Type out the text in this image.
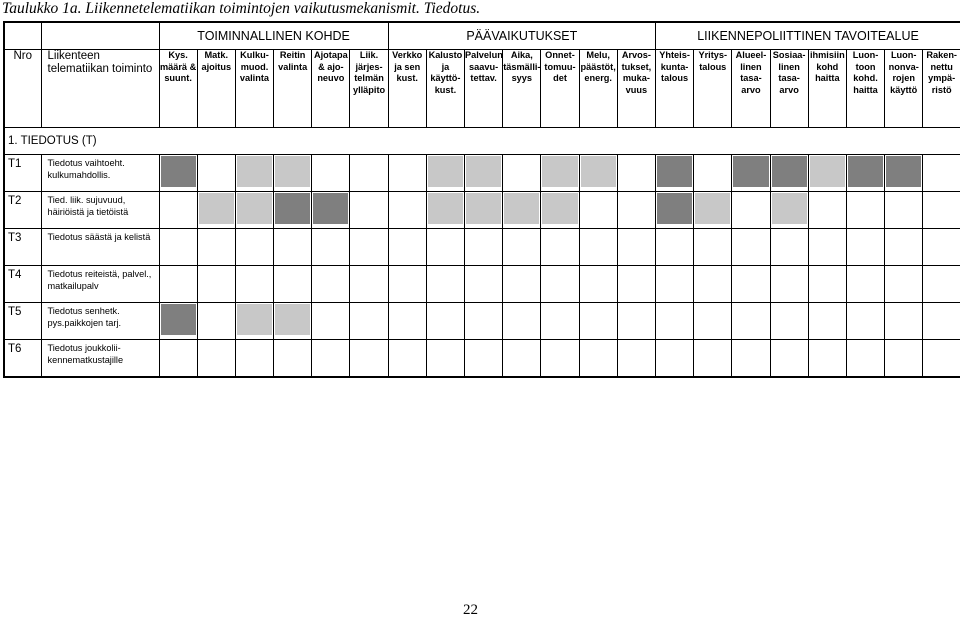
Taulukko 1a. Liikennetelematiikan toimintojen vaikutusmekanismit. Tiedotus.
		TOIMINNALLINEN KOHDE						PÄÄVAIKUTUKSET							LIIKENNEPOLIITTINEN TAVOITEALUE							
Nro	Liikenteen telematiikan toiminto	Kys. määrä & suunt.	Matk. ajoitus	Kulku-muod. valinta	Reitin valinta	Ajotapa & ajo-neuvo	Liik. järjes-telmän ylläpito	Verkko ja sen kust.	Kalusto ja käyttö-kust.	Palvelun saavu-tettav.	Aika, täsmälli-syys	Onnet-tomuu-det	Melu, päästöt, energ.	Arvos-tukset, muka-vuus	Yhteis-kunta-talous	Yritys-talous	Alueel-linen tasa-arvo	Sosiaa-linen tasa-arvo	ihmisiin kohd haitta	Luon-toon kohd. haitta	Luon-nonva-rojen käyttö	Raken-nettu ympä-ristö
1. TIEDOTUS (T)																						
T1	Tiedotus vaihtoeht. kulkumahdollis.	

T2	Tied. liik. sujuvuud, häiriöistä ja tietöistä	

T3	Tiedotus säästä ja kelistä	

T4	Tiedotus reiteistä, palvel., matkailupalv	

T5	Tiedotus senhetk. pys.paikkojen tarj.	

T6	Tiedotus joukkolii-kennematkustajille	

22
